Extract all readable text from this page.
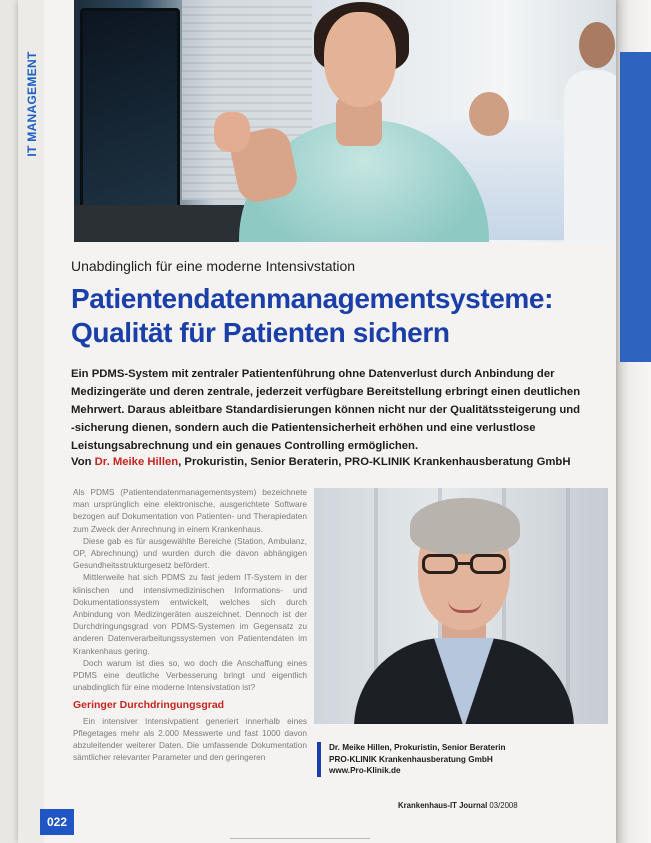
IT MANAGEMENT
Unabdinglich für eine moderne Intensivstation
Patientendatenmanagementsysteme: Qualität für Patienten sichern
Ein PDMS-System mit zentraler Patientenführung ohne Datenverlust durch Anbindung der Medizingeräte und deren zentrale, jederzeit verfügbare Bereitstellung erbringt einen deutlichen Mehrwert. Daraus ableitbare Standardisierungen können nicht nur der Qualitätssteigerung und -sicherung dienen, sondern auch die Patientensicherheit erhöhen und eine verlustlose Leistungsabrechnung und ein genaues Controlling ermöglichen.
Von Dr. Meike Hillen, Prokuristin, Senior Beraterin, PRO-KLINIK Krankenhausberatung GmbH

Als PDMS (Patientendatenmanagementsystem) bezeichnete man ursprünglich eine elektronische, ausgerichtete Software bezogen auf Dokumentation von Patienten- und Therapiedaten zum Zweck der Anrechnung in einem Krankenhaus.

Diese gab es für ausgewählte Bereiche (Station, Ambulanz, OP, Abrechnung) und wurden durch die davon abhängigen Gesundheitsstrukturgesetz befördert.

Mittlerweile hat sich PDMS zu fast jedem IT-System in der klinischen und intensivmedizinischen Informations- und Dokumentationssystem entwickelt, welches sich durch Anbindung von Medizingeräten auszeichnet. Dennoch ist der Durchdringungsgrad von PDMS-Systemen im Gegensatz zu anderen Datenverarbeitungssystemen von Patientendaten im Krankenhaus gering.

Doch warum ist dies so, wo doch die Anschaffung eines PDMS eine deutliche Verbesserung bringt und eigentlich unabdinglich für eine moderne Intensivstation ist?

Geringer Durchdringungsgrad

Ein intensiver Intensivpatient generiert innerhalb eines Pflegetages mehr als 2.000 Messwerte und fast 1000 davon abzuleitender weiterer Daten. Die umfassende Dokumentation sämtlicher relevanter Parameter und den geringeren

Dr. Meike Hillen, Prokuristin, Senior Beraterin
PRO-KLINIK Krankenhausberatung GmbH
www.Pro-Klinik.de
Krankenhaus-IT Journal 03/2008
022
